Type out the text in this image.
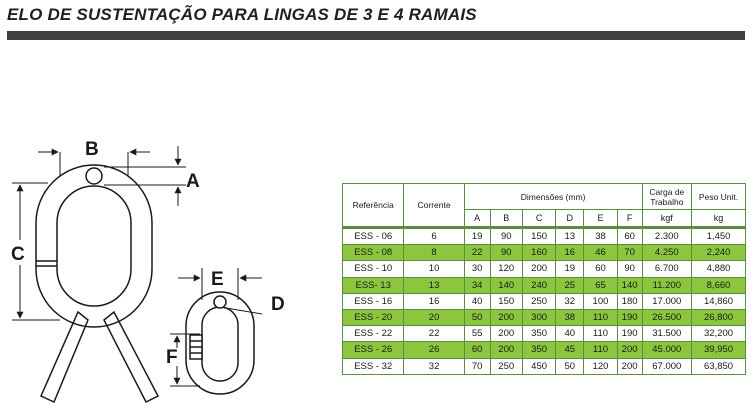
ELO DE SUSTENTAÇÃO PARA LINGAS DE 3 E 4 RAMAIS
B
A
C
E
D
F
Referência	Corrente	Dimensões (mm)						Carga de Trabalho	Peso Unit.
		A	B	C	D	E	F	kgf	kg
ESS - 06	6	19	90	150	13	38	60	2.300	1,450
ESS - 08	8	22	90	160	16	46	70	4.250	2,240
ESS - 10	10	30	120	200	19	60	90	6.700	4,880
ESS- 13	13	34	140	240	25	65	140	11.200	8,660
ESS - 16	16	40	150	250	32	100	180	17.000	14,860
ESS - 20	20	50	200	300	38	110	190	26.500	26,800
ESS - 22	22	55	200	350	40	110	190	31.500	32,200
ESS - 26	26	60	200	350	45	110	200	45.000	39,950
ESS - 32	32	70	250	450	50	120	200	67.000	63,850
